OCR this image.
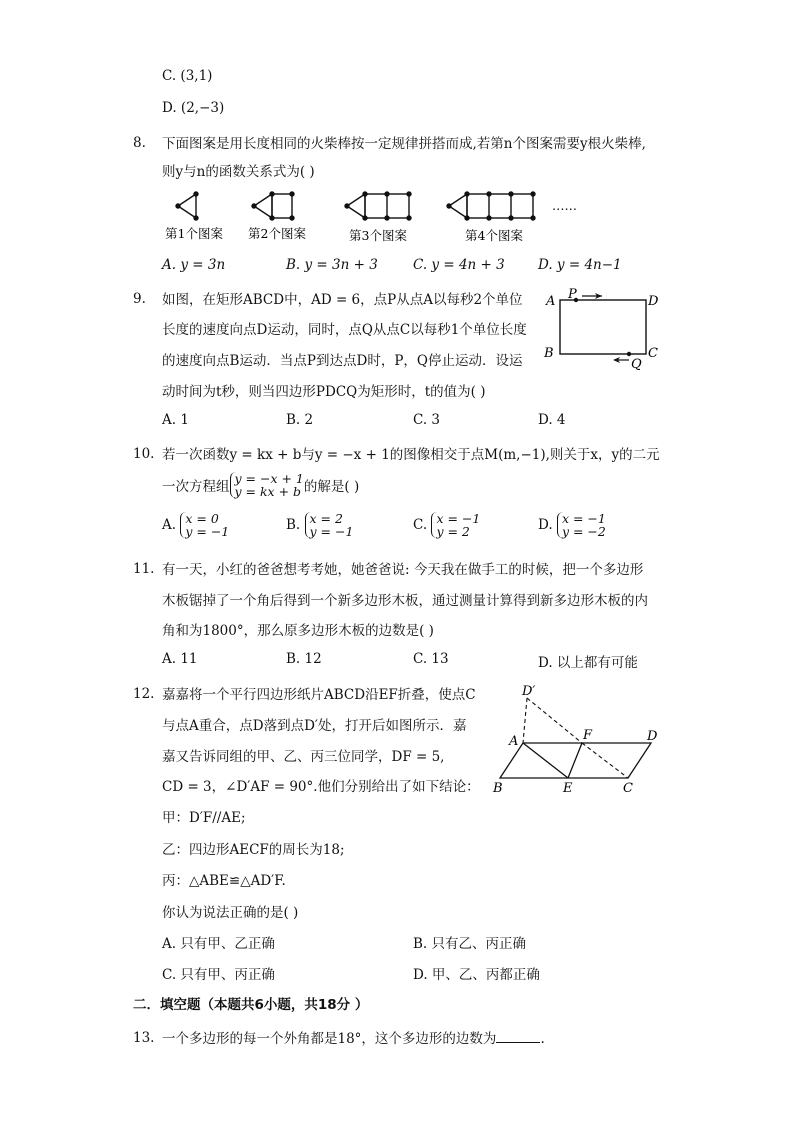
C. (3,1)
D. (2,−3)
8. 下面图案是用长度相同的火柴棒按一定规律拼搭而成,若第n个图案需要y根火柴棒,
则y与n的函数关系式为( )
第1个图案 第2个图案	第3个图案	第4个图案
……
A. y = 3n	B. y = 3n + 3	C. y = 4n + 3 D. y = 4n−1
9. 如图，在矩形ABCD中，AD = 6，点P从点A以每秒2个单位
长度的速度向点D运动，同时，点Q从点C以每秒1个单位长度
的速度向点B运动．当点P到达点D时，P，Q停止运动．设运
动时间为t秒，则当四边形PDCQ为矩形时，t的值为( )
A P	D
B	C
Q
A. 1	B. 2	C. 3	D. 4
10. 若一次函数y = kx + b与y = −x + 1的图像相交于点M(m,−1),则关于x，y的二元
一次方程组y = −x + 1
y = kx + b 的解是( )
A. x = 0
y = −1	B. x = 2
y = −1	C. x = −1
y = 2	D. x = −1
y = −2
11. 有一天，小红的爸爸想考考她，她爸爸说: 今天我在做手工的时候，把一个多边形
木板锯掉了一个角后得到一个新多边形木板，通过测量计算得到新多边形木板的内
角和为1800°，那么原多边形木板的边数是( )
A. 11	B. 12	C. 13	D. 以上都有可能
12. 嘉嘉将一个平行四边形纸片ABCD沿EF折叠，使点C
与点A重合，点D落到点D′处，打开后如图所示．嘉
嘉又告诉同组的甲、乙、丙三位同学，DF = 5,
CD = 3，∠D′AF = 90°.他们分别给出了如下结论：
甲：D′F//AE;
乙：四边形AECF的周长为18;
丙：△ABE≌△AD′F.
你认为说法正确的是( )
D′
A	F	D
B	E	C
A. 只有甲、乙正确	B. 只有乙、丙正确
C. 只有甲、丙正确	D. 甲、乙、丙都正确
二．填空题（本题共6小题，共18分 ）
13. 一个多边形的每一个外角都是18°，这个多边形的边数为	.
